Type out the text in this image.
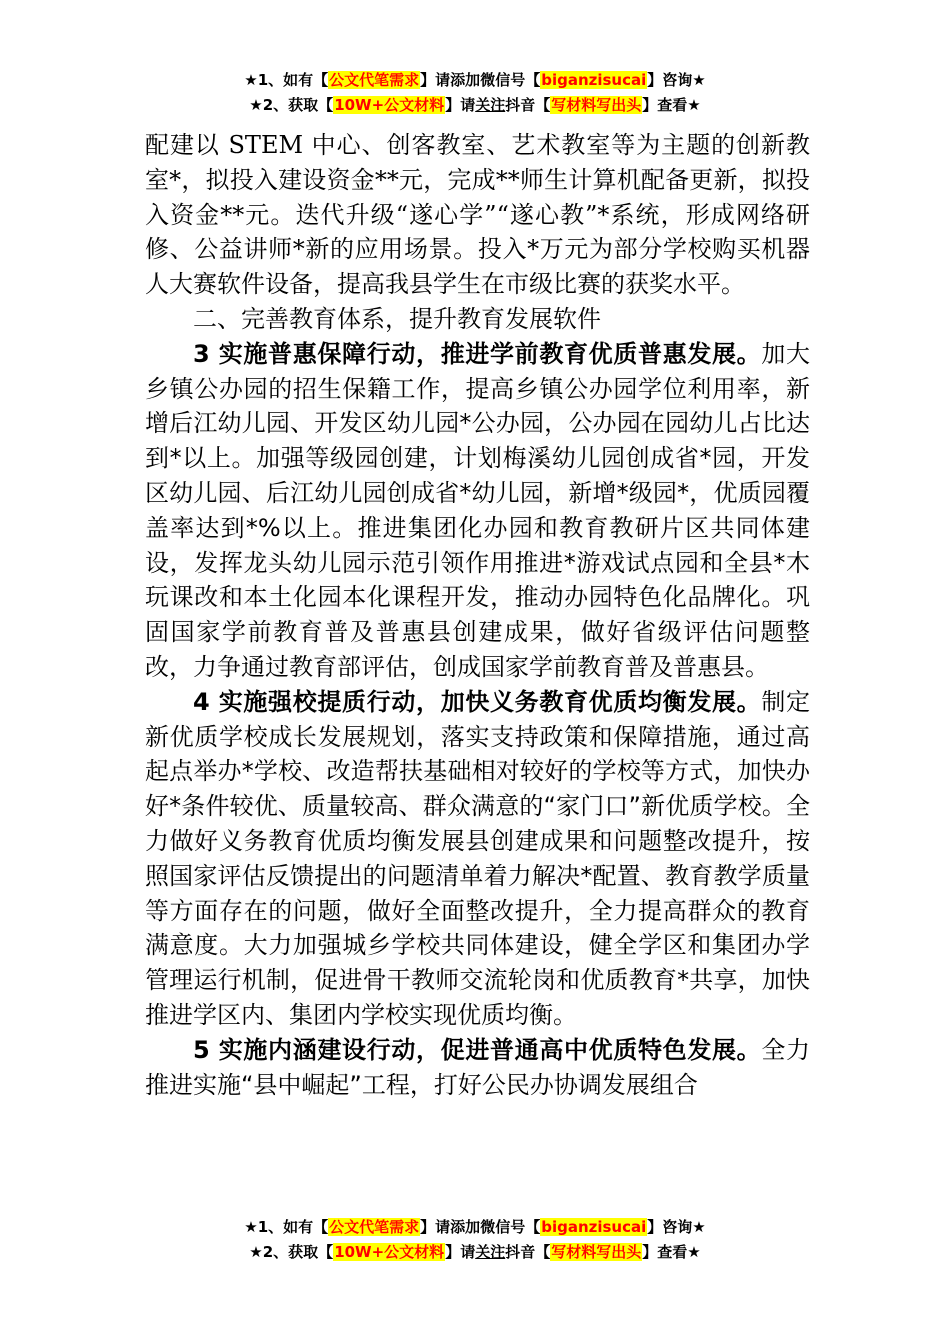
★1、如有【公文代笔需求】请添加微信号【biganzisucai】咨询★
★2、获取【10W+公文材料】请关注抖音【写材料写出头】查看★

配建以 STEM 中心、创客教室、艺术教室等为主题的创新教室*，拟投入建设资金**元，完成**师生计算机配备更新，拟投入资金**元。迭代升级“遂心学”“遂心教”*系统，形成网络研修、公益讲师*新的应用场景。投入*万元为部分学校购买机器人大赛软件设备，提高我县学生在市级比赛的获奖水平。

二、完善教育体系，提升教育发展软件

3 实施普惠保障行动，推进学前教育优质普惠发展。加大乡镇公办园的招生保籍工作，提高乡镇公办园学位利用率，新增后江幼儿园、开发区幼儿园*公办园，公办园在园幼儿占比达到*以上。加强等级园创建，计划梅溪幼儿园创成省*园，开发区幼儿园、后江幼儿园创成省*幼儿园，新增*级园*，优质园覆盖率达到*%以上。推进集团化办园和教育教研片区共同体建设，发挥龙头幼儿园示范引领作用推进*游戏试点园和全县*木玩课改和本土化园本化课程开发，推动办园特色化品牌化。巩固国家学前教育普及普惠县创建成果，做好省级评估问题整改，力争通过教育部评估，创成国家学前教育普及普惠县。

4 实施强校提质行动，加快义务教育优质均衡发展。制定新优质学校成长发展规划，落实支持政策和保障措施，通过高起点举办*学校、改造帮扶基础相对较好的学校等方式，加快办好*条件较优、质量较高、群众满意的“家门口”新优质学校。全力做好义务教育优质均衡发展县创建成果和问题整改提升，按照国家评估反馈提出的问题清单着力解决*配置、教育教学质量等方面存在的问题，做好全面整改提升，全力提高群众的教育满意度。大力加强城乡学校共同体建设，健全学区和集团办学管理运行机制，促进骨干教师交流轮岗和优质教育*共享，加快推进学区内、集团内学校实现优质均衡。

5 实施内涵建设行动，促进普通高中优质特色发展。全力推进实施“县中崛起”工程，打好公民办协调发展组合

★1、如有【公文代笔需求】请添加微信号【biganzisucai】咨询★
★2、获取【10W+公文材料】请关注抖音【写材料写出头】查看★
